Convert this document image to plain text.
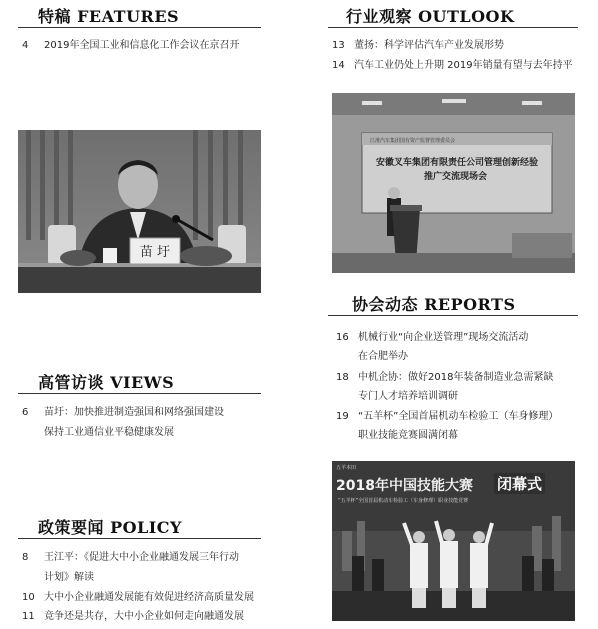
特稿 FEATURES
4 2019年全国工业和信息化工作会议在京召开
苗 圩
高管访谈 VIEWS
6 苗圩：加快推进制造强国和网络强国建设
保持工业通信业平稳健康发展
政策要闻 POLICY
8 王江平：《促进大中小企业融通发展三年行动
计划》解读
10 大中小企业融通发展能有效促进经济高质量发展
11 竞争还是共存，大中小企业如何走向融通发展
行业观察 OUTLOOK
13 董扬：科学评估汽车产业发展形势
14 汽车工业仍处上升期 2019年销量有望与去年持平
江淮汽车集团国有资产监督管理委员会
安徽叉车集团有限责任公司管理创新经验
推广交流现场会
协会动态 REPORTS
16 机械行业“向企业送管理”现场交流活动
在合肥举办
18 中机企协：做好2018年装备制造业急需紧缺
专门人才培养培训调研
19 “五羊杯”全国首届机动车检验工（车身修理）
职业技能竞赛圆满闭幕
五羊本田
2018年中国技能大赛 闭幕式
“五羊杯”全国首届机动车检验工（车身修理）职业技能竞赛
